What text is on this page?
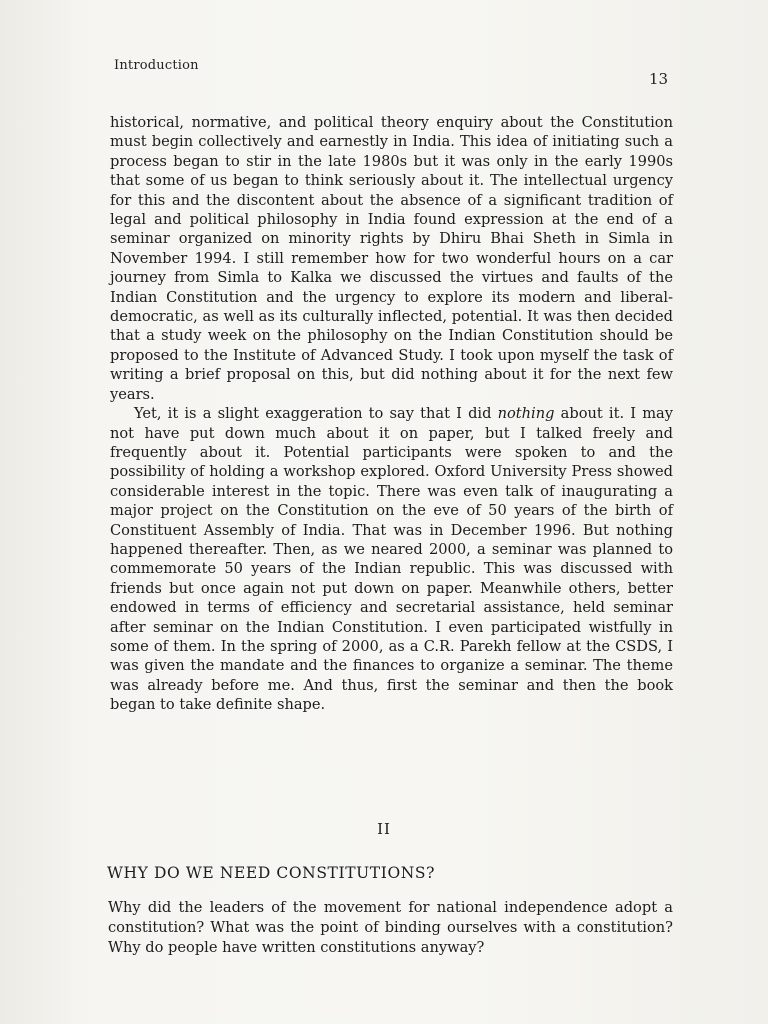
Introduction
13

historical, normative, and political theory enquiry about the Constitution must begin collectively and earnestly in India. This idea of initiating such a process began to stir in the late 1980s but it was only in the early 1990s that some of us began to think seriously about it. The intellectual urgency for this and the discontent about the absence of a significant tradition of legal and political philosophy in India found expression at the end of a seminar organized on minority rights by Dhiru Bhai Sheth in Simla in November 1994. I still remember how for two wonderful hours on a car journey from Simla to Kalka we discussed the virtues and faults of the Indian Constitution and the urgency to explore its modern and liberal-democratic, as well as its culturally inflected, potential. It was then decided that a study week on the philosophy on the Indian Constitution should be proposed to the Institute of Advanced Study. I took upon myself the task of writing a brief proposal on this, but did nothing about it for the next few years.

Yet, it is a slight exaggeration to say that I did nothing about it. I may not have put down much about it on paper, but I talked freely and frequently about it. Potential participants were spoken to and the possibility of holding a workshop explored. Oxford University Press showed considerable interest in the topic. There was even talk of inaugurating a major project on the Constitution on the eve of 50 years of the birth of Constituent Assembly of India. That was in December 1996. But nothing happened thereafter. Then, as we neared 2000, a seminar was planned to commemorate 50 years of the Indian republic. This was discussed with friends but once again not put down on paper. Meanwhile others, better endowed in terms of efficiency and secretarial assistance, held seminar after seminar on the Indian Constitution. I even participated wistfully in some of them. In the spring of 2000, as a C.R. Parekh fellow at the CSDS, I was given the mandate and the finances to organize a seminar. The theme was already before me. And thus, first the seminar and then the book began to take definite shape.

II
WHY DO WE NEED CONSTITUTIONS?

Why did the leaders of the movement for national independence adopt a constitution? What was the point of binding ourselves with a constitution? Why do people have written constitutions anyway?
